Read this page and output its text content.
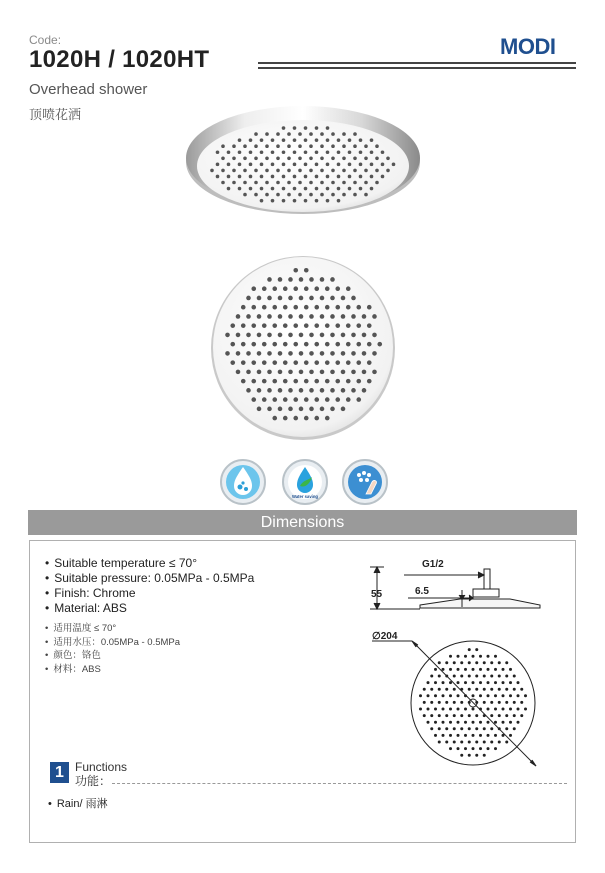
Code:
1020H / 1020HT	MODI
Overhead shower
顶喷花洒
Water saving
Dimensions
• Suitable temperature ≤ 70°
• Suitable pressure: 0.05MPa - 0.5MPa
• Finish: Chrome
• Material: ABS
• 适用温度 ≤ 70°
• 适用水压：0.05MPa - 0.5MPa
• 颜色：铬色
• 材料：ABS
G1/2
55	6.5
∅204
1 Functions
功能：
• Rain/ 雨淋
